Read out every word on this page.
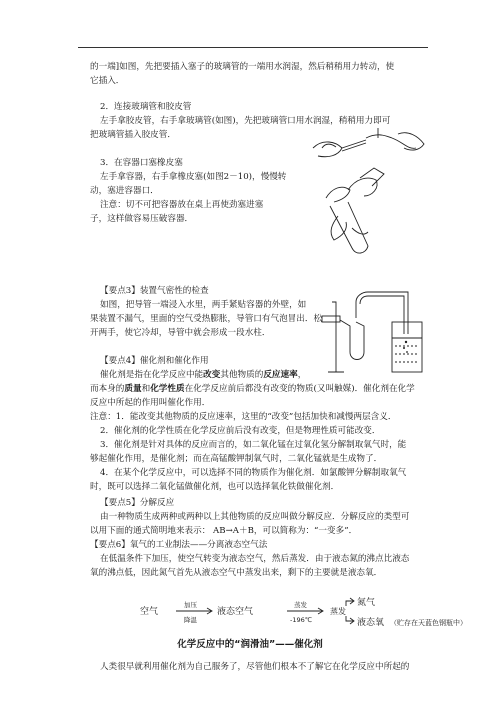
的一端]如图，先把要插入塞子的玻璃管的一端用水润湿，然后稍稍用力转动，使
它插入．
2．连接玻璃管和胶皮管
左手拿胶皮管，右手拿玻璃管(如图)，先把玻璃管口用水润湿，稍稍用力即可
把玻璃管插入胶皮管．
3．在容器口塞橡皮塞
左手拿容器，右手拿橡皮塞(如图2－10)，慢慢转
动，塞进容器口．
注意：切不可把容器放在桌上再使劲塞进塞
子，这样做容易压破容器．
【要点3】装置气密性的检查
如图，把导管一端浸入水里，两手紧贴容器的外壁，如
果装置不漏气，里面的空气受热膨胀，导管口有气泡冒出．松
开两手，使它冷却，导管中就会形成一段水柱．
【要点4】催化剂和催化作用
催化剂是指在化学反应中能改变其他物质的反应速率，
而本身的质量和化学性质在化学反应前后都没有改变的物质(又叫触媒)．催化剂在化学
反应中所起的作用叫催化作用．
注意：1．能改变其他物质的反应速率，这里的“改变”包括加快和减慢两层含义．
2．催化剂的化学性质在化学反应前后没有改变，但是物理性质可能改变．
3．催化剂是针对具体的反应而言的，如二氧化锰在过氧化氢分解制取氧气时，能
够起催化作用，是催化剂；而在高锰酸钾制氧气时，二氧化锰就是生成物了．
4．在某个化学反应中，可以选择不同的物质作为催化剂．如氯酸钾分解制取氧气
时，既可以选择二氧化锰做催化剂，也可以选择氧化铁做催化剂．
【要点5】分解反应
由一种物质生成两种或两种以上其他物质的反应叫做分解反应．分解反应的类型可
以用下面的通式简明地来表示： AB→A＋B，可以简称为：“一变多”．
【要点6】氧气的工业制法——分离液态空气法
在低温条件下加压，使空气转变为液态空气，然后蒸发．由于液态氮的沸点比液态
氧的沸点低，因此氮气首先从液态空气中蒸发出来，剩下的主要就是液态氧．
空气
加压
降温
液态空气
蒸发
-196℃
蒸发
氮气
液态氧 （贮存在天蓝色钢瓶中）
化学反应中的“润滑油”——催化剂
人类很早就利用催化剂为自己服务了，尽管他们根本不了解它在化学反应中所起的
